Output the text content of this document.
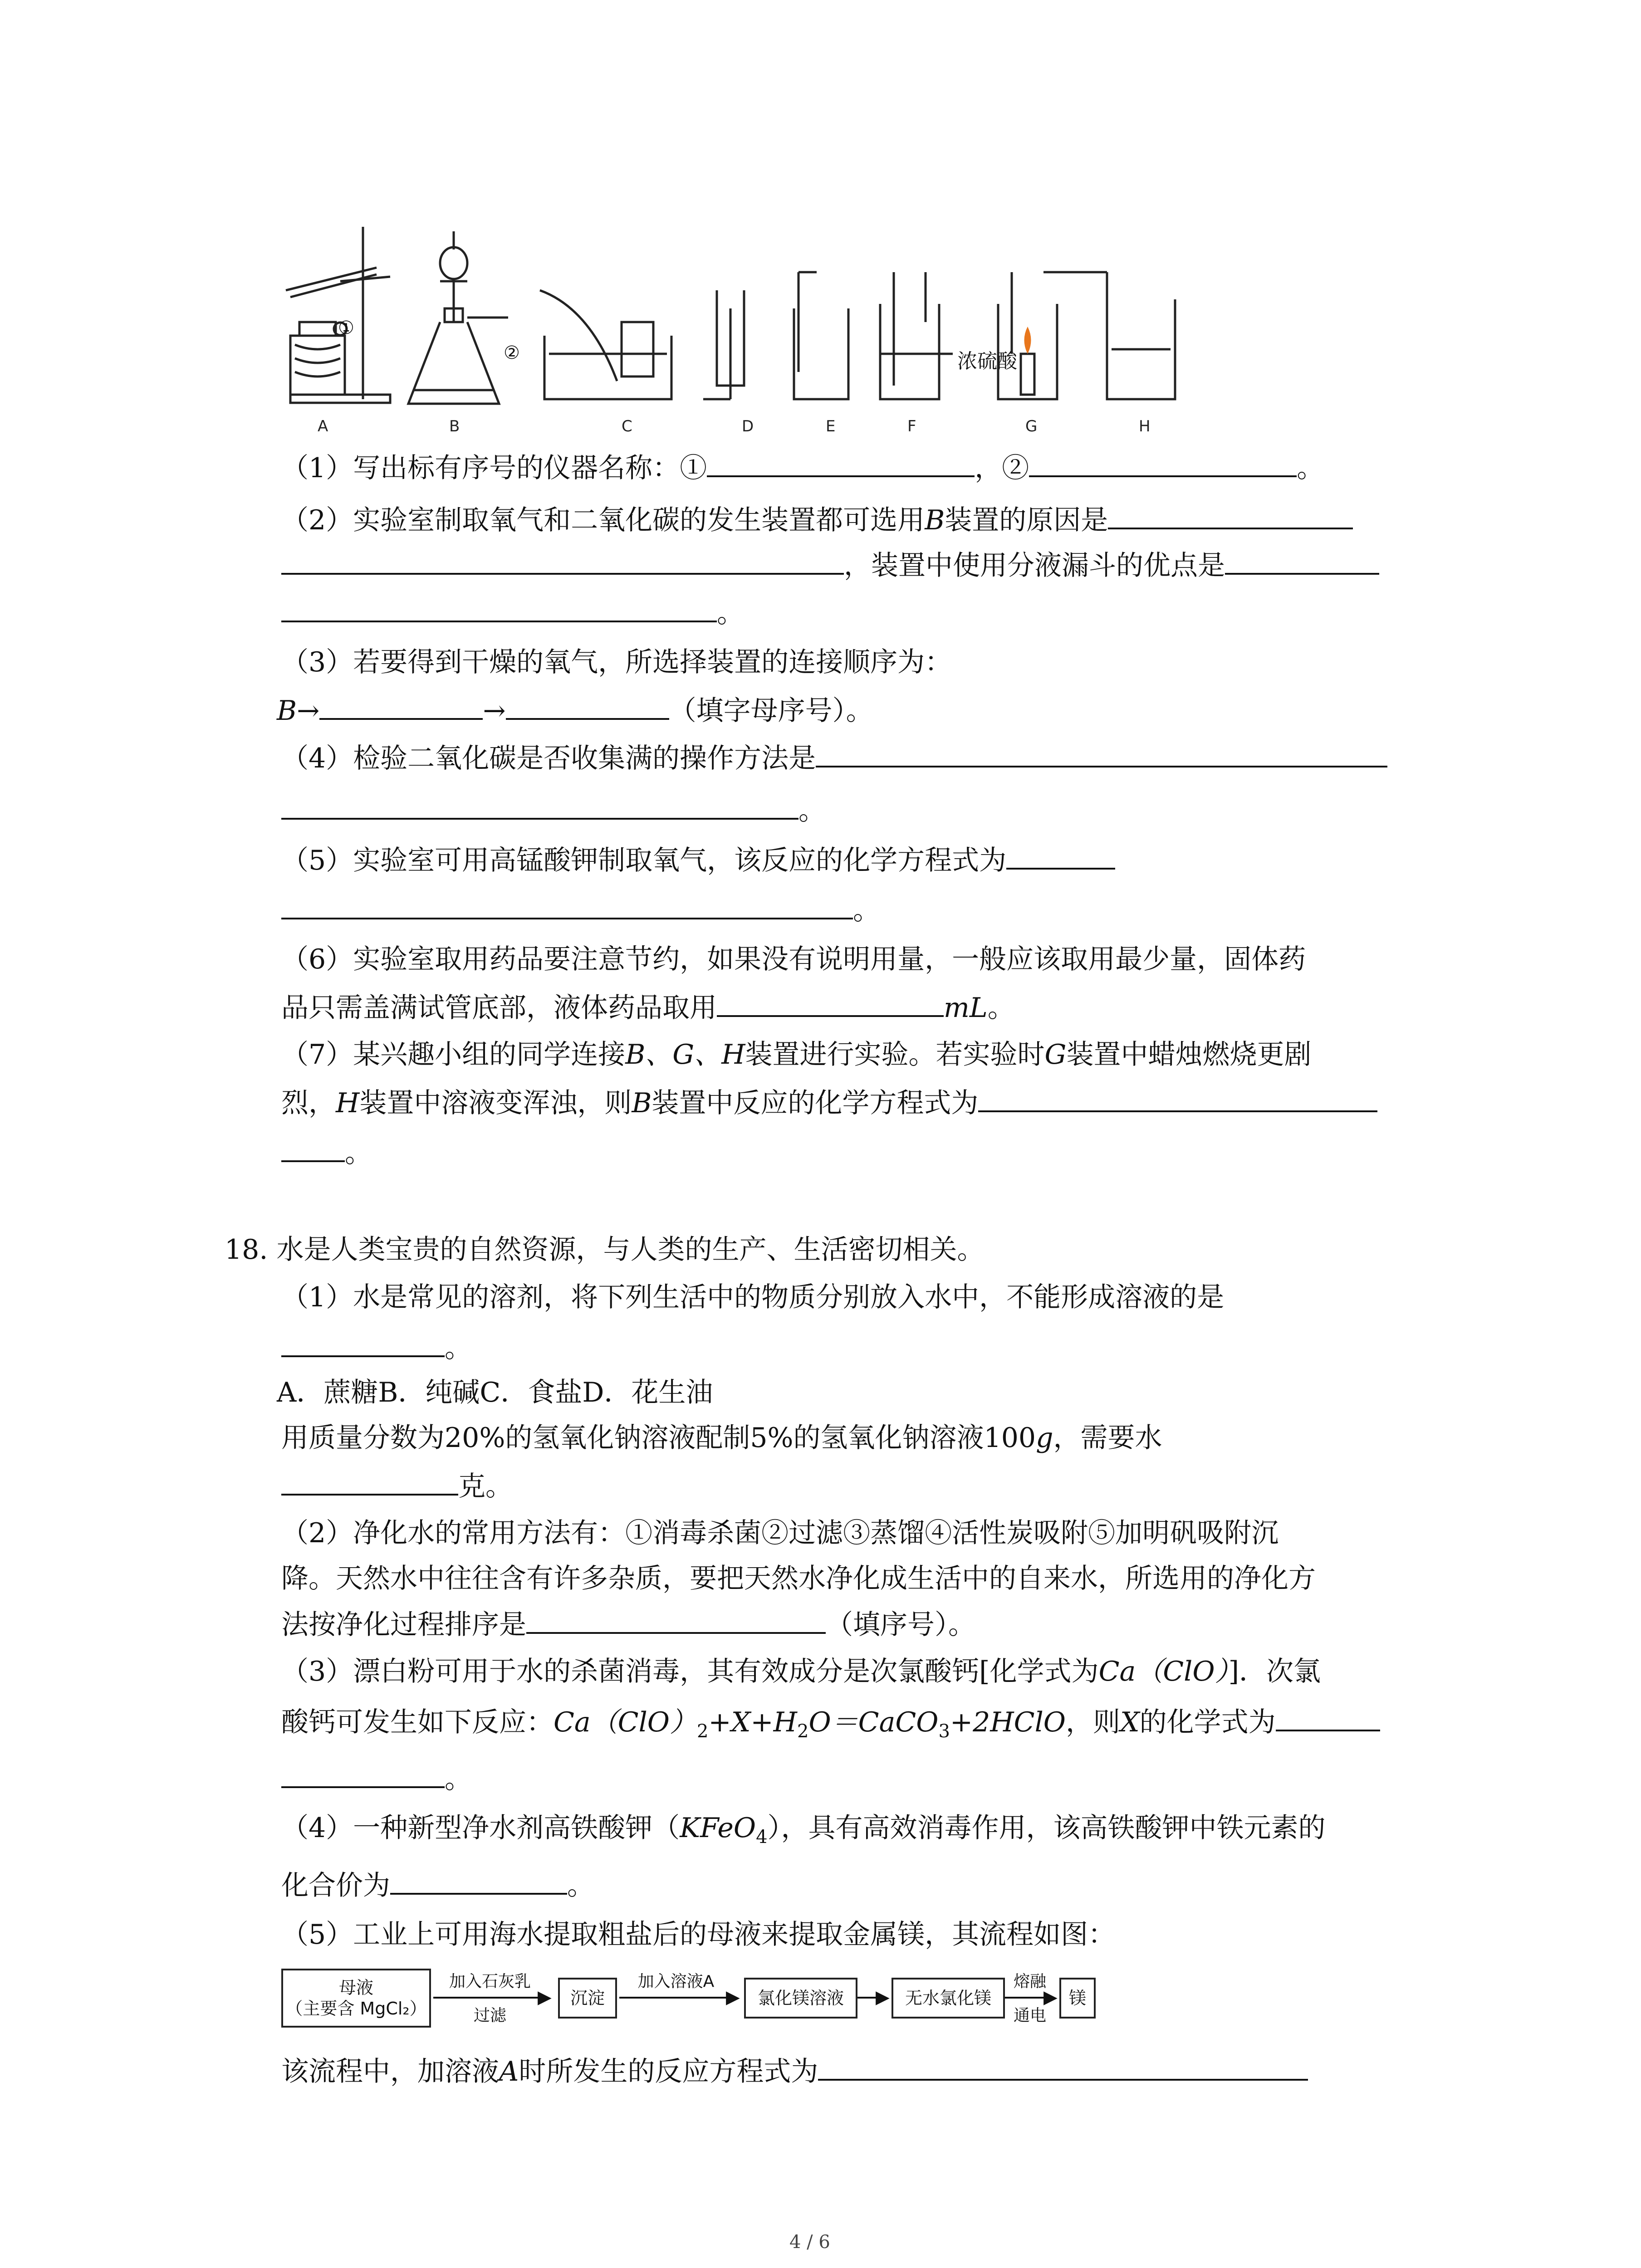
①
②	浓硫酸
A	B	C	D	E	F	G	H
（1）写出标有序号的仪器名称：①	，②	。
（2）实验室制取氧气和二氧化碳的发生装置都可选用B装置的原因是
，装置中使用分液漏斗的优点是
。
（3）若要得到干燥的氧气，所选择装置的连接顺序为：
B→	→	（填字母序号）。
（4）检验二氧化碳是否收集满的操作方法是
。
（5）实验室可用高锰酸钾制取氧气，该反应的化学方程式为
。
（6）实验室取用药品要注意节约，如果没有说明用量，一般应该取用最少量，固体药
品只需盖满试管底部，液体药品取用	mL。
（7）某兴趣小组的同学连接B、G、H装置进行实验。若实验时G装置中蜡烛燃烧更剧
烈，H装置中溶液变浑浊，则B装置中反应的化学方程式为
。
18. 水是人类宝贵的自然资源，与人类的生产、生活密切相关。
（1）水是常见的溶剂，将下列生活中的物质分别放入水中，不能形成溶液的是
。
A．蔗糖B．纯碱C．食盐D．花生油
用质量分数为20%的氢氧化钠溶液配制5%的氢氧化钠溶液100g，需要水
克。
（2）净化水的常用方法有：①消毒杀菌②过滤③蒸馏④活性炭吸附⑤加明矾吸附沉
降。天然水中往往含有许多杂质，要把天然水净化成生活中的自来水，所选用的净化方
法按净化过程排序是	（填序号）。
（3）漂白粉可用于水的杀菌消毒，其有效成分是次氯酸钙[化学式为Ca（ClO）]．次氯
酸钙可发生如下反应：$Ca(ClO)_2+X+H_2O=CaCO_3+2HClO$，则X的化学式为
。
（4）一种新型净水剂高铁酸钾（KFeO$_4$），具有高效消毒作用，该高铁酸钾中铁元素的
化合价为	。
（5）工业上可用海水提取粗盐后的母液来提取金属镁，其流程如图：
母液
（主要含 MgCl₂）
加入石灰乳
▶
过滤
沉淀
加入溶液A
▶ 氯化镁溶液 ▶ 无水氯化镁
熔融
▶
通电
镁
该流程中，加溶液A时所发生的反应方程式为
4 / 6
